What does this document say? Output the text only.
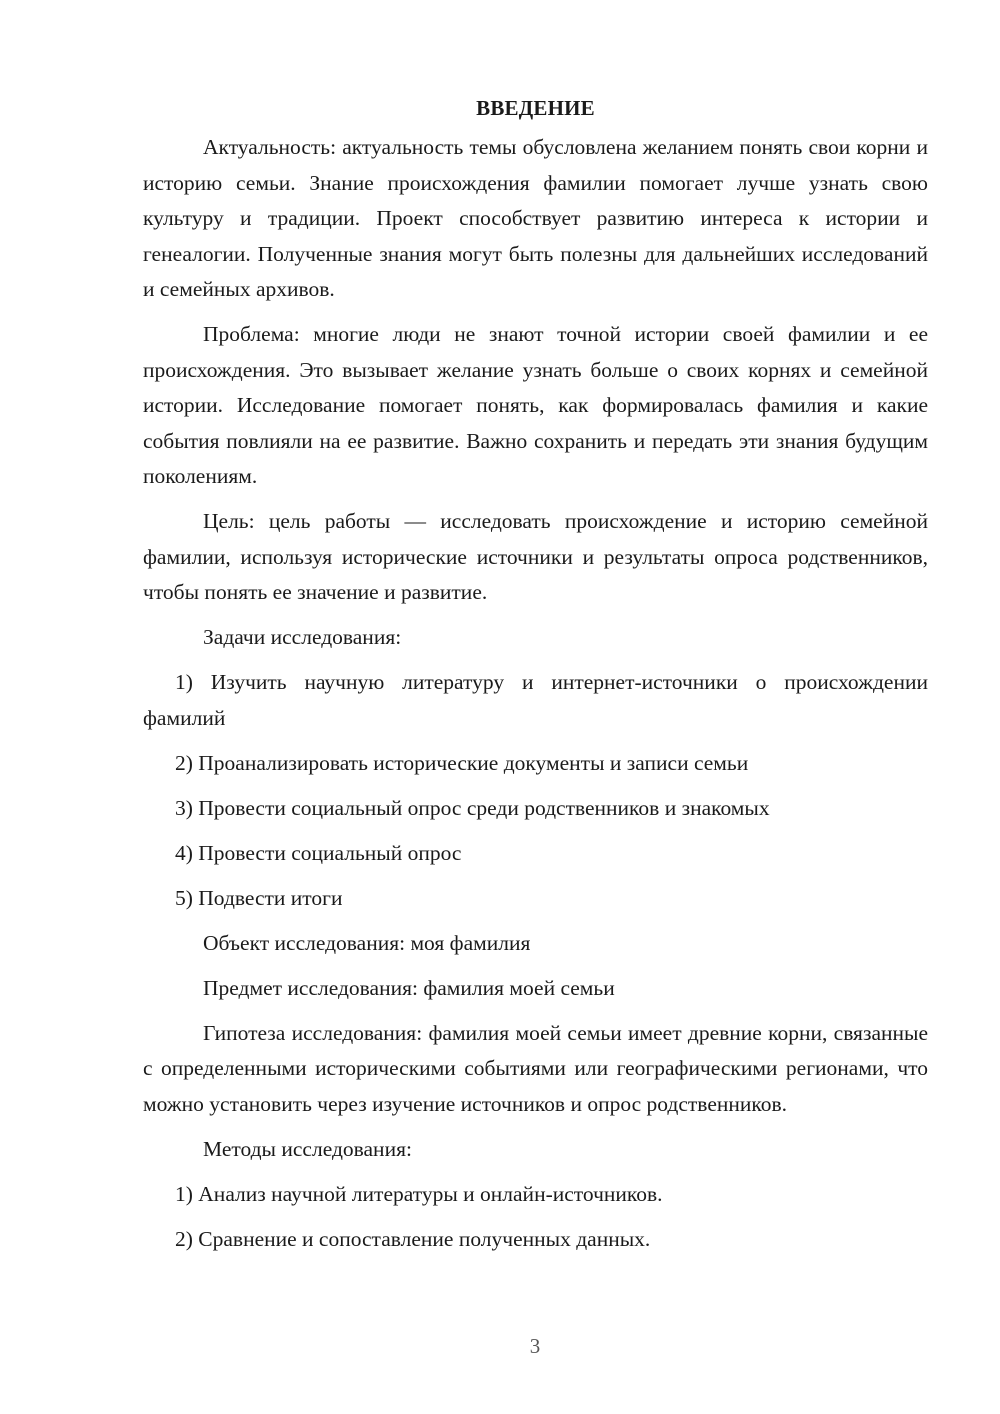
ВВЕДЕНИЕ

Актуальность: актуальность темы обусловлена желанием понять свои корни и историю семьи. Знание происхождения фамилии помогает лучше узнать свою культуру и традиции. Проект способствует развитию интереса к истории и генеалогии. Полученные знания могут быть полезны для дальнейших исследований и семейных архивов.

Проблема: многие люди не знают точной истории своей фамилии и ее происхождения. Это вызывает желание узнать больше о своих корнях и семейной истории. Исследование помогает понять, как формировалась фамилия и какие события повлияли на ее развитие. Важно сохранить и передать эти знания будущим поколениям.

Цель: цель работы — исследовать происхождение и историю семейной фамилии, используя исторические источники и результаты опроса родственников, чтобы понять ее значение и развитие.

Задачи исследования:

1) Изучить научную литературу и интернет-источники о происхождении фамилий

2) Проанализировать исторические документы и записи семьи

3) Провести социальный опрос среди родственников и знакомых

4) Провести социальный опрос

5) Подвести итоги

Объект исследования: моя фамилия

Предмет исследования: фамилия моей семьи

Гипотеза исследования: фамилия моей семьи имеет древние корни, связанные с определенными историческими событиями или географическими регионами, что можно установить через изучение источников и опрос родственников.

Методы исследования:

1) Анализ научной литературы и онлайн-источников.

2) Сравнение и сопоставление полученных данных.

3
